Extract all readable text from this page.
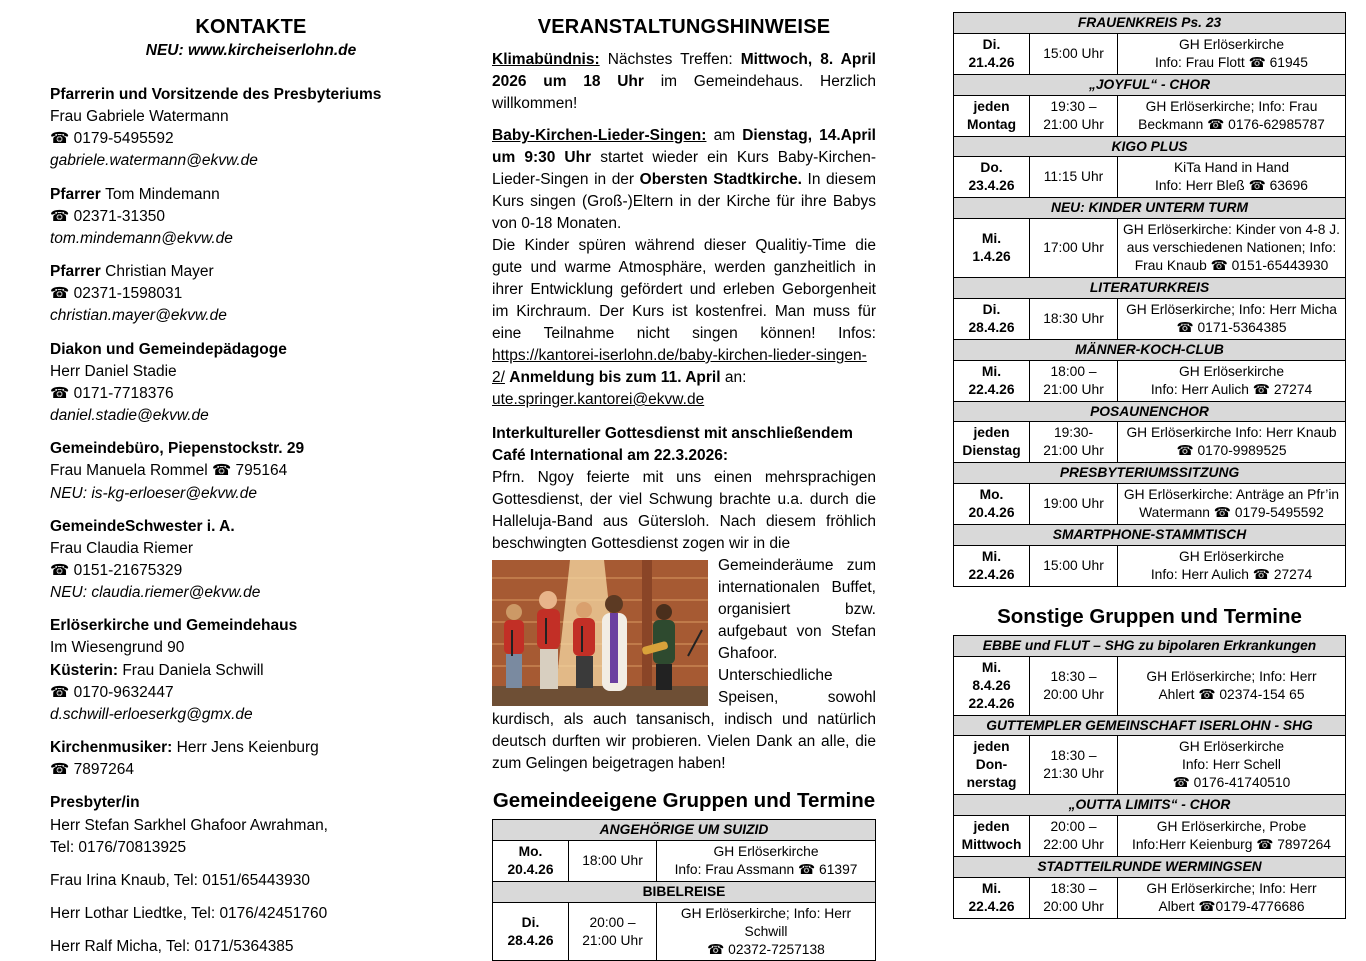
KONTAKTE
NEU: www.kircheiserlohn.de
Pfarrerin und Vorsitzende des Presbyteriums
Frau Gabriele Watermann
☎ 0179-5495592
gabriele.watermann@ekvw.de
Pfarrer Tom Mindemann
☎ 02371-31350
tom.mindemann@ekvw.de
Pfarrer Christian Mayer
☎ 02371-1598031
christian.mayer@ekvw.de
Diakon und Gemeindepädagoge
Herr Daniel Stadie
☎ 0171-7718376
daniel.stadie@ekvw.de
Gemeindebüro, Piepenstockstr. 29
Frau Manuela Rommel ☎ 795164
NEU: is-kg-erloeser@ekvw.de
GemeindeSchwester i. A.
Frau Claudia Riemer
☎ 0151-21675329
NEU: claudia.riemer@ekvw.de
Erlöserkirche und Gemeindehaus
Im Wiesengrund 90
Küsterin: Frau Daniela Schwill
☎ 0170-9632447
d.schwill-erloeserkg@gmx.de
Kirchenmusiker: Herr Jens Keienburg
☎ 7897264
Presbyter/in
Herr Stefan Sarkhel Ghafoor Awrahman,
Tel: 0176/70813925
Frau Irina Knaub, Tel: 0151/65443930
Herr Lothar Liedtke, Tel: 0176/42451760
Herr Ralf Micha, Tel: 0171/5364385
VERANSTALTUNGSHINWEISE
Klimabündnis: Nächstes Treffen: Mittwoch, 8. April 2026 um 18 Uhr im Gemeindehaus. Herzlich willkommen!
Baby-Kirchen-Lieder-Singen: am Dienstag, 14.April um 9:30 Uhr startet wieder ein Kurs Baby-Kirchen-Lieder-Singen in der Obersten Stadtkirche. In diesem Kurs singen (Groß-)Eltern in der Kirche für ihre Babys von 0-18 Monaten.
Die Kinder spüren während dieser Qualitiy-Time die gute und warme Atmosphäre, werden ganzheitlich in ihrer Entwicklung gefördert und erleben Geborgenheit im Kirchraum. Der Kurs ist kostenfrei. Man muss für eine Teilnahme nicht singen können! Infos: https://kantorei-iserlohn.de/baby-kirchen-lieder-singen-2/ Anmeldung bis zum 11. April an:
ute.springer.kantorei@ekvw.de
Interkultureller Gottesdienst mit anschließendem Café International am 22.3.2026:
Pfrn. Ngoy feierte mit uns einen mehrsprachigen Gottesdienst, der viel Schwung brachte u.a. durch die Halleluja-Band aus Gütersloh. Nach diesem fröhlich beschwingten Gottesdienst zogen wir in die
Gemeinderäume zum internationalen Buffet, organisiert bzw. aufgebaut von Stefan Ghafoor. Unterschiedliche Speisen, sowohl kurdisch, als auch tansanisch, indisch und natürlich deutsch durften wir probieren. Vielen Dank an alle, die zum Gelingen beigetragen haben!
Gemeindeeigene Gruppen und Termine
ANGEHÖRIGE UM SUIZID		
Mo.
20.4.26	18:00 Uhr	GH Erlöserkirche
Info: Frau Assmann ☎ 61397
BIBELREISE		
Di.
28.4.26	20:00 –
21:00 Uhr	GH Erlöserkirche; Info: Herr Schwill
☎ 02372-7257138
FRAUENKREIS Ps. 23		
Di.
21.4.26	15:00 Uhr	GH Erlöserkirche
Info: Frau Flott ☎ 61945
„JOYFUL“ - CHOR		
jeden
Montag	19:30 –
21:00 Uhr	GH Erlöserkirche; Info: Frau
Beckmann ☎ 0176-62985787
KIGO PLUS		
Do.
23.4.26	11:15 Uhr	KiTa Hand in Hand
Info: Herr Bleß ☎ 63696
NEU: KINDER UNTERM TURM		
Mi.
1.4.26	17:00 Uhr	GH Erlöserkirche: Kinder von 4-8 J.
aus verschiedenen Nationen; Info:
Frau Knaub ☎ 0151-65443930
LITERATURKREIS		
Di.
28.4.26	18:30 Uhr	GH Erlöserkirche; Info: Herr Micha
☎ 0171-5364385
MÄNNER-KOCH-CLUB		
Mi.
22.4.26	18:00 –
21:00 Uhr	GH Erlöserkirche
Info: Herr Aulich ☎ 27274
POSAUNENCHOR		
jeden
Dienstag	19:30-
21:00 Uhr	GH Erlöserkirche Info: Herr Knaub
☎ 0170-9989525
PRESBYTERIUMSSITZUNG		
Mo.
20.4.26	19:00 Uhr	GH Erlöserkirche: Anträge an Pfr’in
Watermann ☎ 0179-5495592
SMARTPHONE-STAMMTISCH		
Mi.
22.4.26	15:00 Uhr	GH Erlöserkirche
Info: Herr Aulich ☎ 27274
Sonstige Gruppen und Termine
EBBE und FLUT – SHG zu bipolaren Erkrankungen		
Mi.
8.4.26
22.4.26	18:30 –
20:00 Uhr	GH Erlöserkirche; Info: Herr
Ahlert ☎ 02374-154 65
GUTTEMPLER GEMEINSCHAFT ISERLOHN - SHG		
jeden
Don-
nerstag	18:30 –
21:30 Uhr	GH Erlöserkirche
Info: Herr Schell
☎ 0176-41740510
„OUTTA LIMITS“ - CHOR		
jeden
Mittwoch	20:00 –
22:00 Uhr	GH Erlöserkirche, Probe
Info:Herr Keienburg ☎ 7897264
STADTTEILRUNDE WERMINGSEN		
Mi.
22.4.26	18:30 –
20:00 Uhr	GH Erlöserkirche; Info: Herr
Albert ☎0179-4776686
